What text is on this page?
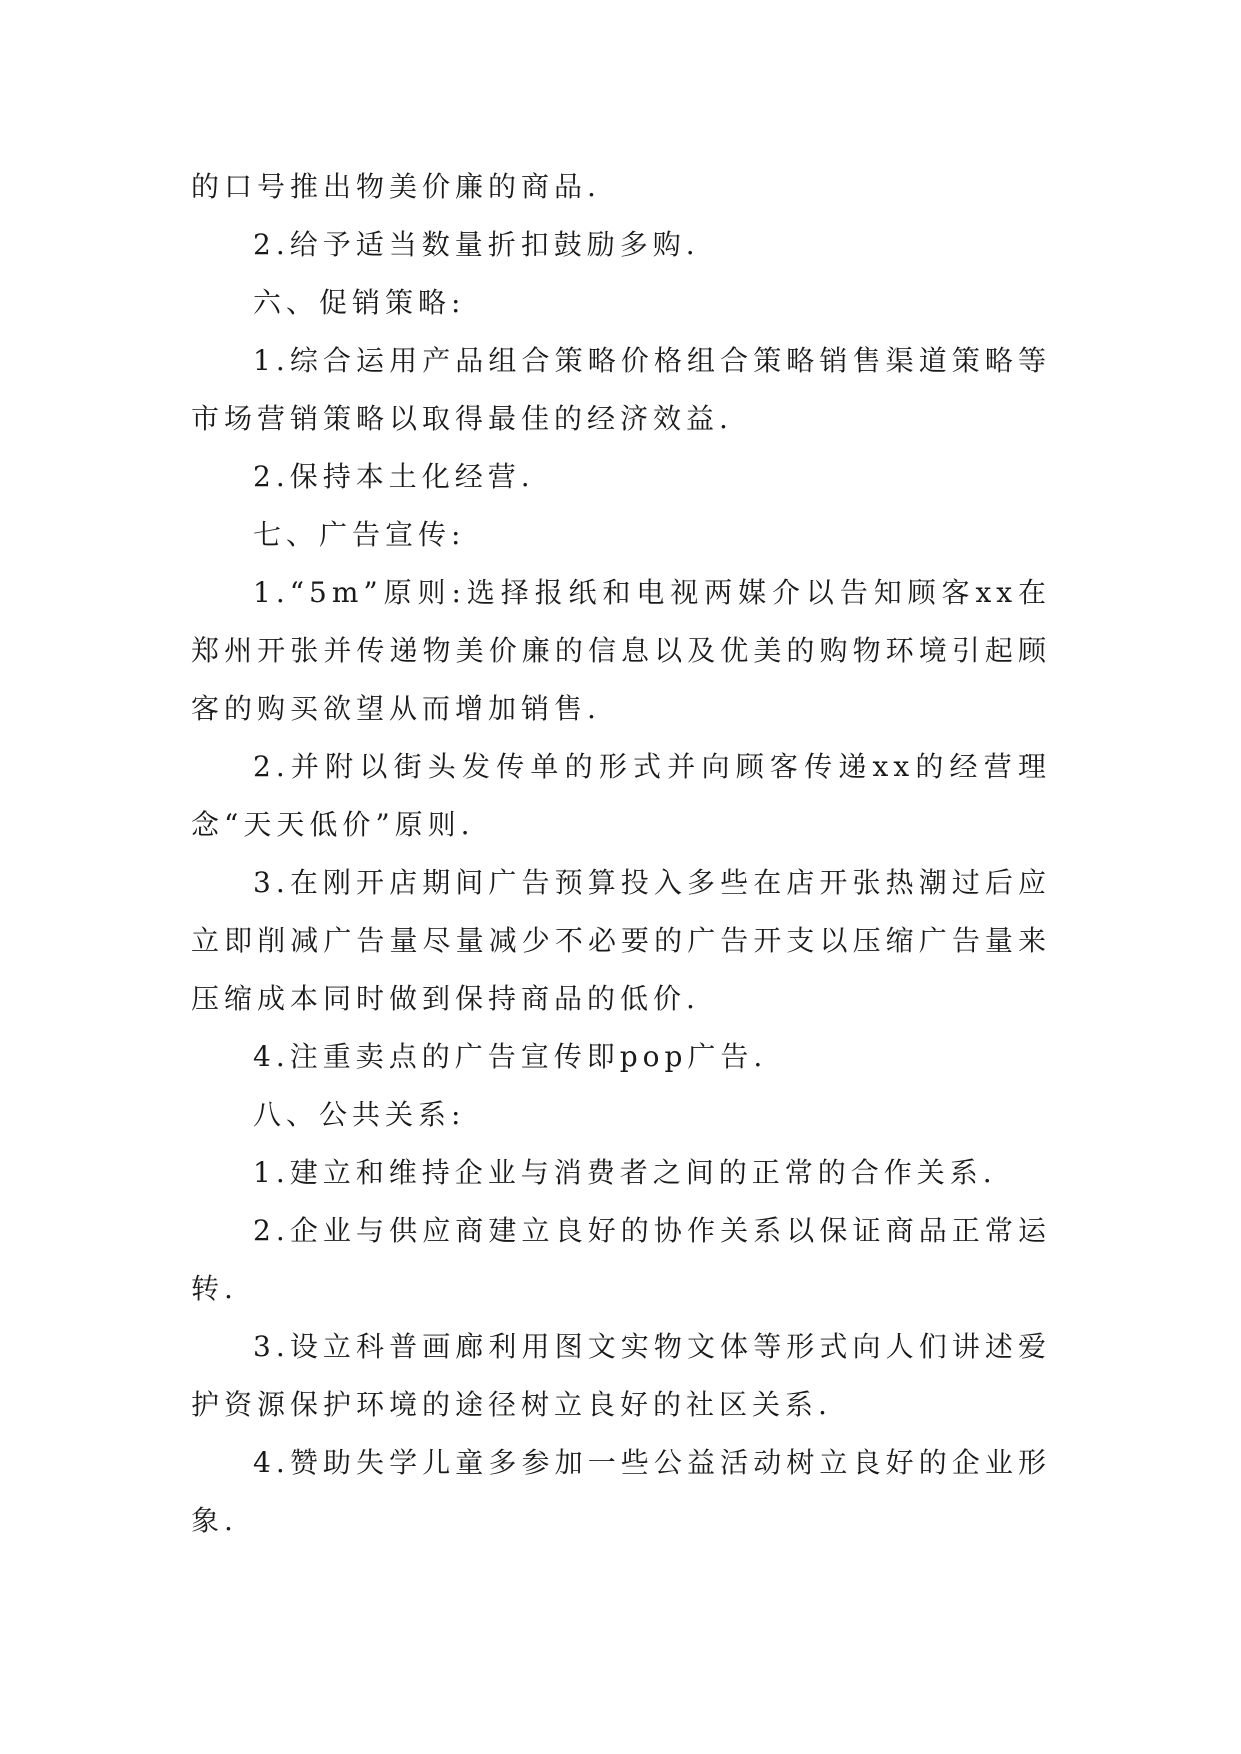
的口号推出物美价廉的商品.

2.给予适当数量折扣鼓励多购.

六、促销策略:

1.综合运用产品组合策略价格组合策略销售渠道策略等市场营销策略以取得最佳的经济效益.

2.保持本土化经营.

七、广告宣传:

1.“5m”原则:选择报纸和电视两媒介以告知顾客xx在郑州开张并传递物美价廉的信息以及优美的购物环境引起顾客的购买欲望从而增加销售.

2.并附以街头发传单的形式并向顾客传递xx的经营理念“天天低价”原则.

3.在刚开店期间广告预算投入多些在店开张热潮过后应立即削减广告量尽量减少不必要的广告开支以压缩广告量来压缩成本同时做到保持商品的低价.

4.注重卖点的广告宣传即pop广告.

八、公共关系:

1.建立和维持企业与消费者之间的正常的合作关系.

2.企业与供应商建立良好的协作关系以保证商品正常运转.

3.设立科普画廊利用图文实物文体等形式向人们讲述爱护资源保护环境的途径树立良好的社区关系.

4.赞助失学儿童多参加一些公益活动树立良好的企业形象.
